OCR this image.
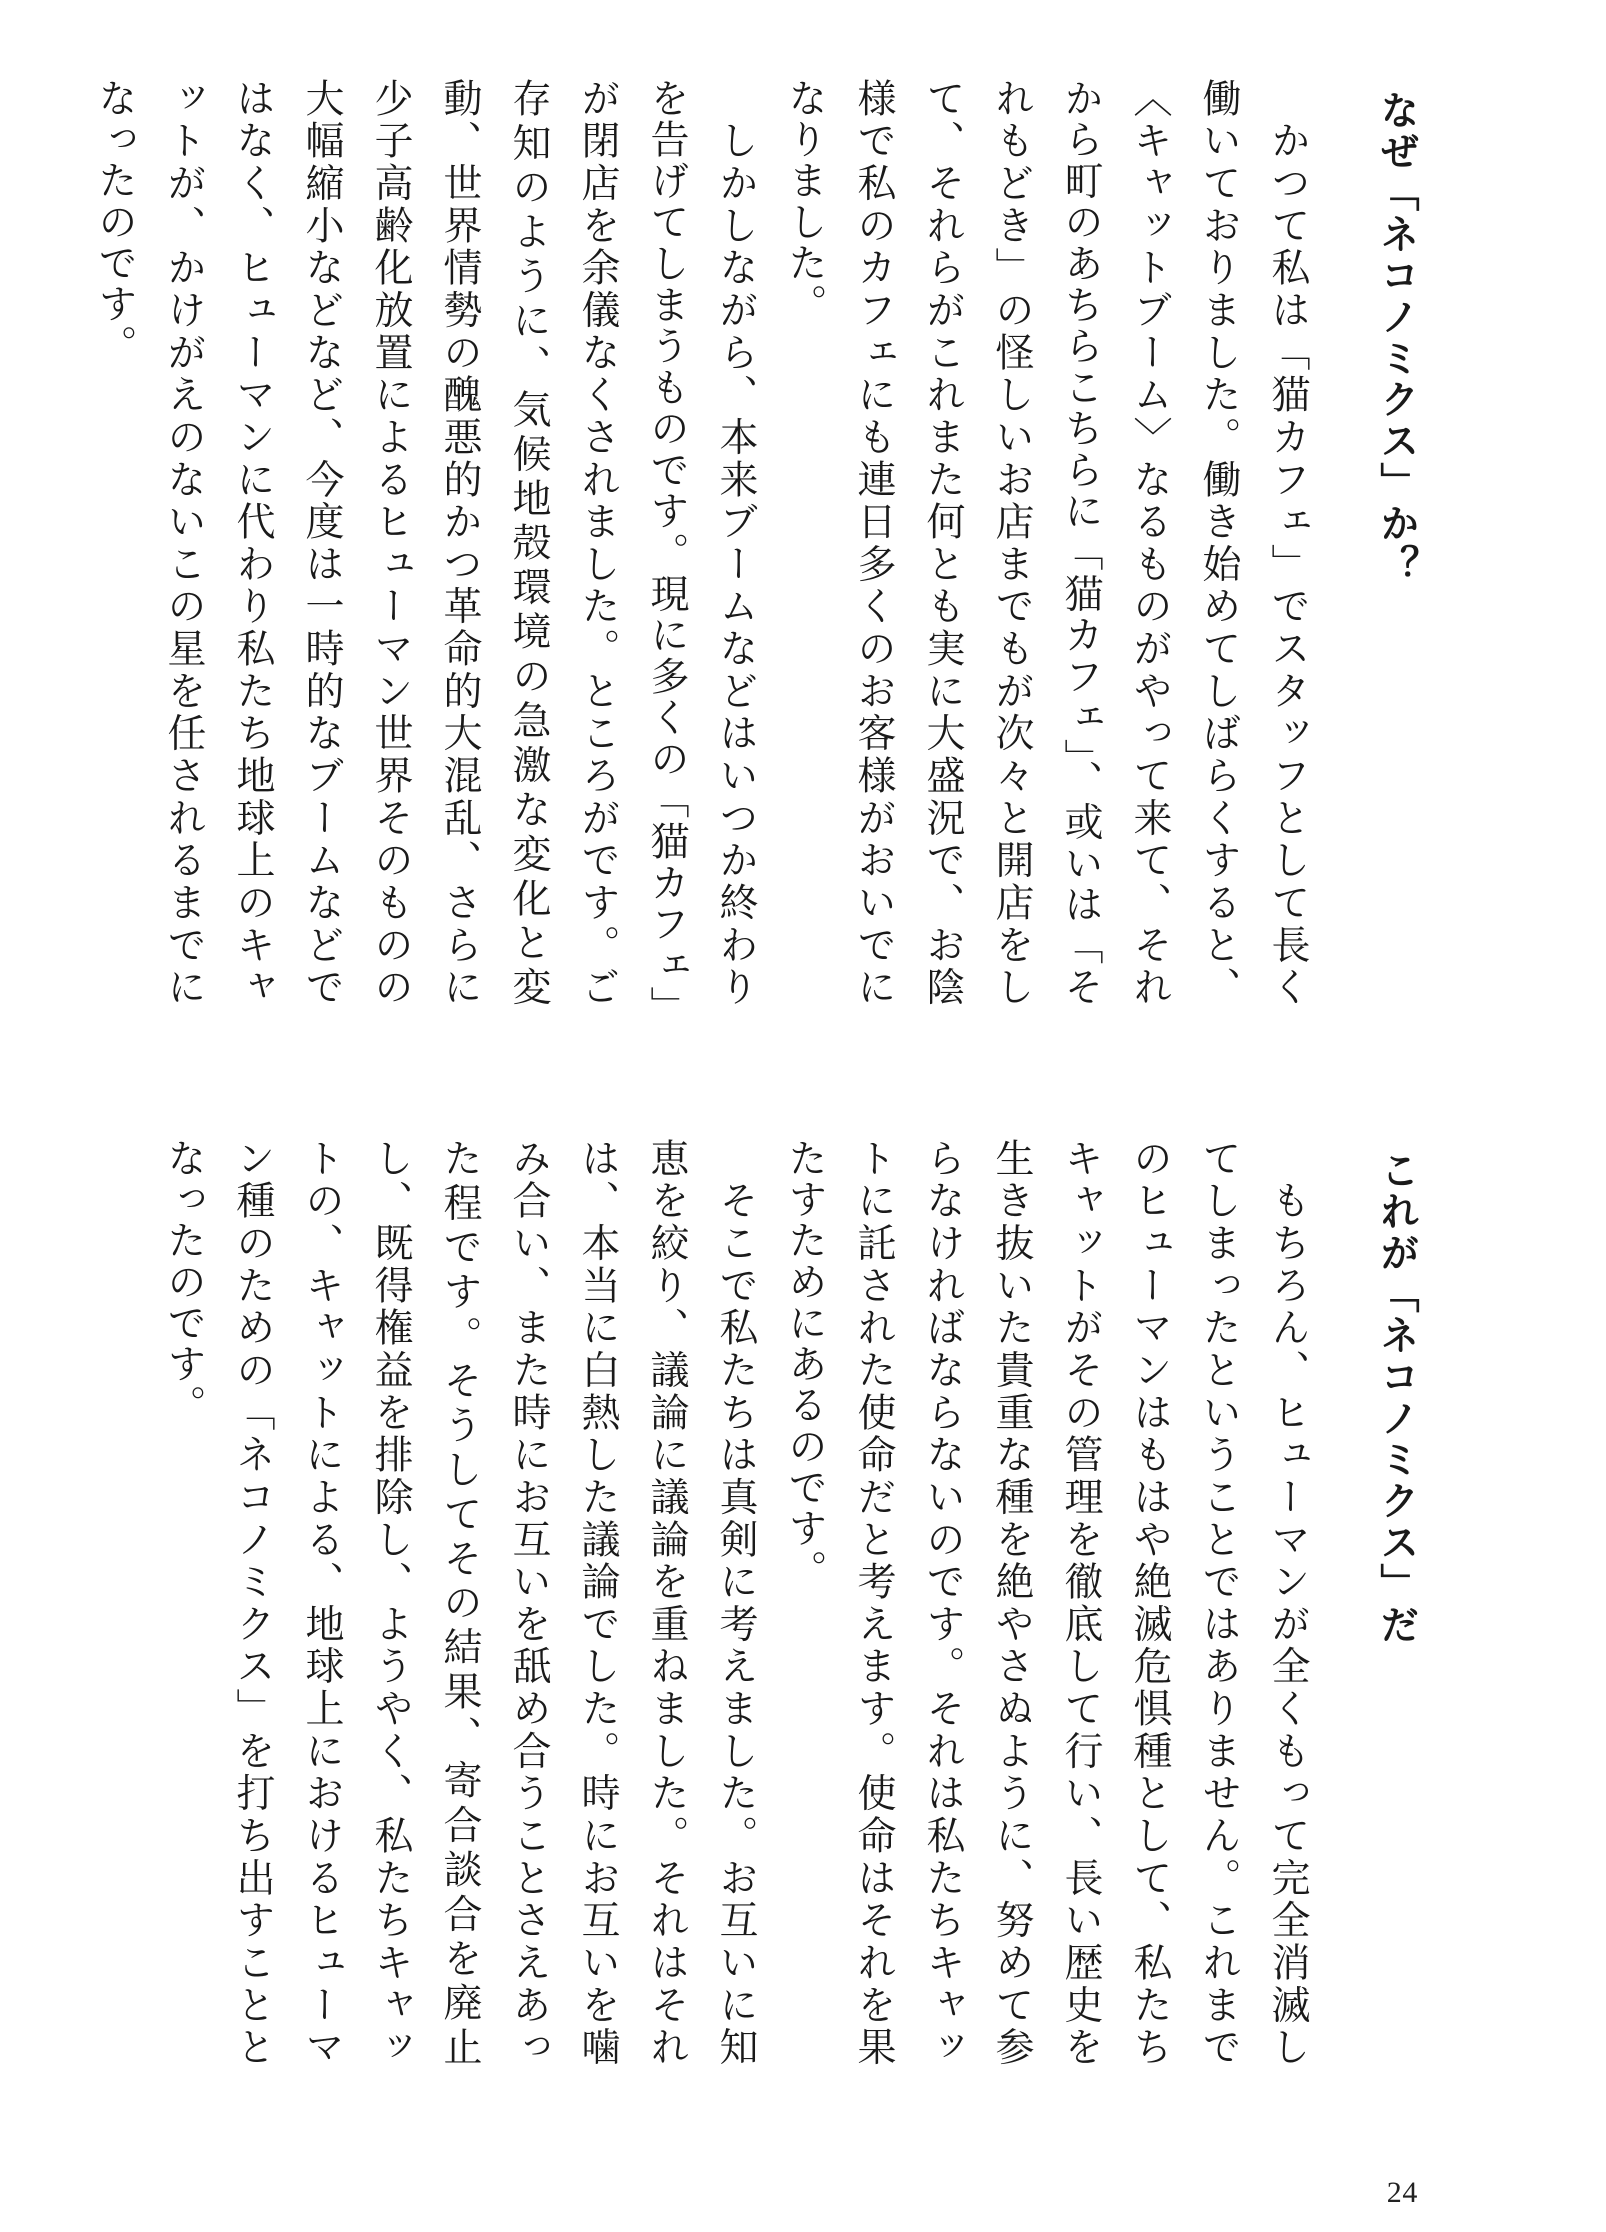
なぜ「ネコノミクス」か？

　かつて私は「猫カフェ」でスタッフとして長く働いておりました。働き始めてしばらくすると、〈キャットブーム〉なるものがやって来て、それから町のあちらこちらに「猫カフェ」、或いは「それもどき」の怪しいお店までもが次々と開店をして、それらがこれまた何とも実に大盛況で、お陰様で私のカフェにも連日多くのお客様がおいでになりました。

　しかしながら、本来ブームなどはいつか終わりを告げてしまうものです。現に多くの「猫カフェ」が閉店を余儀なくされました。ところがです。ご存知のように、気候地殻環境の急激な変化と変動、世界情勢の醜悪的かつ革命的大混乱、さらに少子高齢化放置によるヒューマン世界そのものの大幅縮小などなど、今度は一時的なブームなどではなく、ヒューマンに代わり私たち地球上のキャットが、かけがえのないこの星を任されるまでになったのです。

これが「ネコノミクス」だ

　もちろん、ヒューマンが全くもって完全消滅してしまったということではありません。これまでのヒューマンはもはや絶滅危惧種として、私たちキャットがその管理を徹底して行い、長い歴史を生き抜いた貴重な種を絶やさぬように、努めて参らなければならないのです。それは私たちキャットに託された使命だと考えます。使命はそれを果たすためにあるのです。

　そこで私たちは真剣に考えました。お互いに知恵を絞り、議論に議論を重ねました。それはそれは、本当に白熱した議論でした。時にお互いを噛み合い、また時にお互いを舐め合うことさえあった程です。そうしてその結果、寄合談合を廃止し、既得権益を排除し、ようやく、私たちキャットの、キャットによる、地球上におけるヒューマン種のための「ネコノミクス」を打ち出すこととなったのです。

24
